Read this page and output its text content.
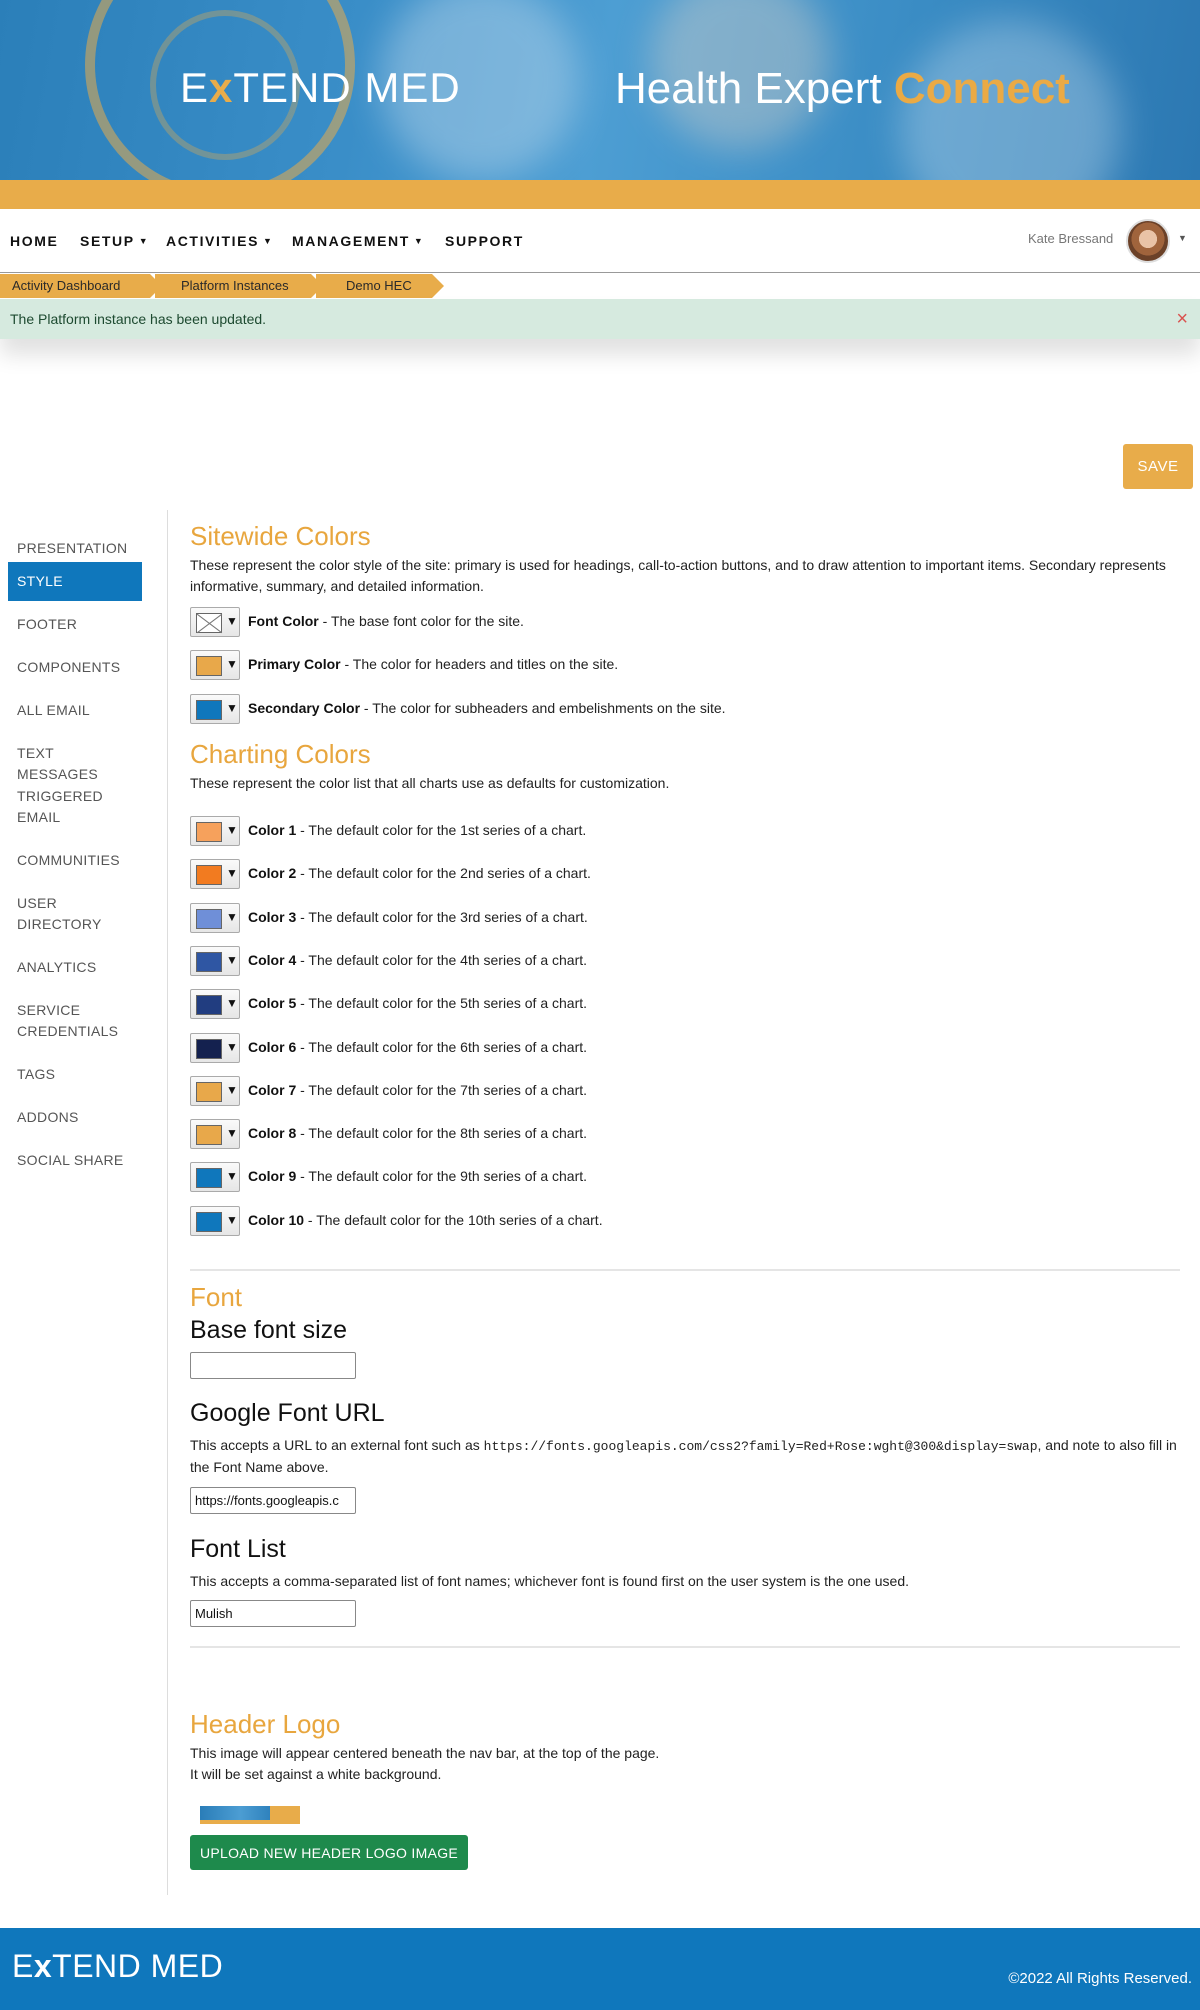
ExTEND MED	Health Expert Connect
HOME SETUP ▼ ACTIVITIES ▼ MANAGEMENT ▼ SUPPORT	Kate Bressand	▼
Activity Dashboard	Platform Instances	Demo HEC
The Platform instance has been updated.	×
SAVE
PRESENTATION
STYLE
FOOTER
COMPONENTS
ALL EMAIL
TEXT MESSAGES
TRIGGERED EMAIL
COMMUNITIES
USER DIRECTORY
ANALYTICS
SERVICE CREDENTIALS
TAGS
ADDONS
SOCIAL SHARE
Sitewide Colors
These represent the color style of the site: primary is used for headings, call-to-action buttons, and to draw attention to important items. Secondary represents informative, summary, and detailed information.
▼ Font Color - The base font color for the site.
▼ Primary Color - The color for headers and titles on the site.
▼ Secondary Color - The color for subheaders and embelishments on the site.
Charting Colors
These represent the color list that all charts use as defaults for customization.
▼ Color 1 - The default color for the 1st series of a chart.
▼ Color 2 - The default color for the 2nd series of a chart.
▼ Color 3 - The default color for the 3rd series of a chart.
▼ Color 4 - The default color for the 4th series of a chart.
▼ Color 5 - The default color for the 5th series of a chart.
▼ Color 6 - The default color for the 6th series of a chart.
▼ Color 7 - The default color for the 7th series of a chart.
▼ Color 8 - The default color for the 8th series of a chart.
▼ Color 9 - The default color for the 9th series of a chart.
▼ Color 10 - The default color for the 10th series of a chart.
Font
Base font size
Google Font URL
This accepts a URL to an external font such as https://fonts.googleapis.com/css2?family=Red+Rose:wght@300&display=swap, and note to also fill in the Font Name above.
https://fonts.googleapis.c
Font List
This accepts a comma-separated list of font names; whichever font is found first on the user system is the one used.
Mulish
Header Logo
This image will appear centered beneath the nav bar, at the top of the page. It will be set against a white background.
UPLOAD NEW HEADER LOGO IMAGE
ExTEND MED	©2022 All Rights Reserved.
